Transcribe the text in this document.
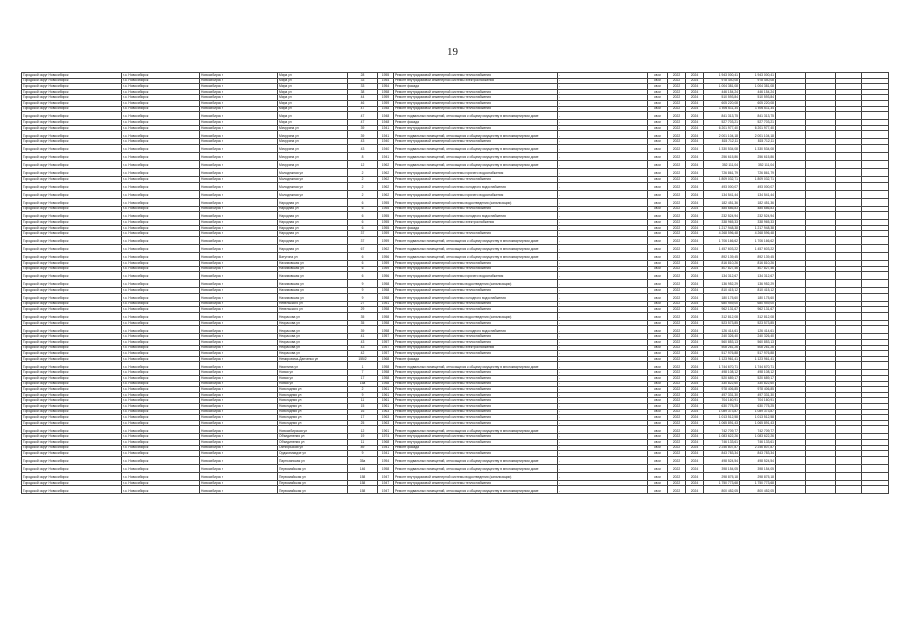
19
Городской округ Новосибирск	г.о. Новосибирск	Новосибирск г	Мира ул	28	1955	Ремонт внутридомовой инженерной системы теплоснабжения	-	кв.м	2022	2024	1 943 000,41	1 943 000,41				
Городской округ Новосибирск	г.о. Новосибирск	Новосибирск г	Мира ул	33	1954	Ремонт внутридомовой инженерной системы электроснабжения	-	кв.м	2022	2024	978 440,08	978 440,08				
Городской округ Новосибирск	г.о. Новосибирск	Новосибирск г	Мира ул	33	1954	Ремонт фасада	-	кв.м	2022	2024	1 004 381,08	1 004 381,08				
Городской округ Новосибирск	г.о. Новосибирск	Новосибирск г	Мира ул	38	1958	Ремонт внутридомовой инженерной системы теплоснабжения	-	кв.м	2022	2024	446 154,24	446 154,24				
Городской округ Новосибирск	г.о. Новосибирск	Новосибирск г	Мира ул	44	1959	Ремонт внутридомовой инженерной системы теплоснабжения	-	кв.м	2022	2024	510 593,84	510 593,84				
Городской округ Новосибирск	г.о. Новосибирск	Новосибирск г	Мира ул	46	1959	Ремонт внутридомовой инженерной системы теплоснабжения	-	кв.м	2022	2024	605 220,08	605 220,08				
Городской округ Новосибирск	г.о. Новосибирск	Новосибирск г	Мира ул	47	1948	Ремонт внутридомовой инженерной системы теплоснабжения	-	кв.м	2022	2024	1 594 611,34	1 594 611,34				
Городской округ Новосибирск	г.о. Новосибирск	Новосибирск г	Мира ул	47	1948	Ремонт подвальных помещений, относящихся к общему имуществу в многоквартирном доме	-	кв.м	2022	2024	841 313,75	841 313,75				
Городской округ Новосибирск	г.о. Новосибирск	Новосибирск г	Мира ул	47	1948	Ремонт фасада	-	кв.м	2022	2024	527 703,21	527 703,21				
Городской округ Новосибирск	г.о. Новосибирск	Новосибирск г	Мичурина ул	39	1941	Ремонт внутридомовой инженерной системы теплоснабжения	-	кв.м	2022	2024	6 201 977,40	6 201 977,40				
Городской округ Новосибирск	г.о. Новосибирск	Новосибирск г	Мичурина ул	39	1941	Ремонт подвальных помещений, относящихся к общему имуществу в многоквартирном доме	-	кв.м	2022	2024	2 001 104,18	2 001 104,18				
Городской округ Новосибирск	г.о. Новосибирск	Новосибирск г	Мичурина ул	43	1940	Ремонт внутридомовой инженерной системы теплоснабжения	-	кв.м	2022	2024	815 712,11	815 712,11				
Городской округ Новосибирск	г.о. Новосибирск	Новосибирск г	Мичурина ул	43	1940	Ремонт подвальных помещений, относящихся к общему имуществу в многоквартирном доме	-	кв.м	2022	2024	1 330 534,08	1 330 534,08				
Городской округ Новосибирск	г.о. Новосибирск	Новосибирск г	Мичурина ул	8	1941	Ремонт подвальных помещений, относящихся к общему имуществу в многоквартирном доме	-	кв.м	2022	2024	256 615,86	256 615,86				
Городской округ Новосибирск	г.о. Новосибирск	Новосибирск г	Мичурина ул	12	1962	Ремонт подвальных помещений, относящихся к общему имуществу в многоквартирном доме	-	кв.м	2022	2024	352 111,04	352 111,04				
Городской округ Новосибирск	г.о. Новосибирск	Новосибирск г	Молодежная ул	2	1962	Ремонт внутридомовой инженерной системы горячего водоснабжения	-	кв.м	2022	2024	726 861,79	726 861,79				
Городской округ Новосибирск	г.о. Новосибирск	Новосибирск г	Молодежная ул	2	1962	Ремонт внутридомовой инженерной системы теплоснабжения	-	кв.м	2022	2024	1 809 032,71	1 809 032,71				
Городской округ Новосибирск	г.о. Новосибирск	Новосибирск г	Молодежная ул	2	1962	Ремонт внутридомовой инженерной системы холодного водоснабжения	-	кв.м	2022	2024	493 000,07	493 000,07				
Городской округ Новосибирск	г.о. Новосибирск	Новосибирск г	Молодежная ул	2	1962	Ремонт внутридомовой инженерной системы горячего водоснабжения	-	кв.м	2022	2024	134 541,44	134 541,44				
Городской округ Новосибирск	г.о. Новосибирск	Новосибирск г	Народная ул	6	1955	Ремонт внутридомовой инженерной системы водоотведения (канализации)	-	кв.м	2022	2024	182 451,36	182 451,36				
Городской округ Новосибирск	г.о. Новосибирск	Новосибирск г	Народная ул	6	1955	Ремонт внутридомовой инженерной системы теплоснабжения	-	кв.м	2022	2024	485 686,83	485 686,83				
Городской округ Новосибирск	г.о. Новосибирск	Новосибирск г	Народная ул	6	1955	Ремонт внутридомовой инженерной системы холодного водоснабжения	-	кв.м	2022	2024	232 524,94	232 524,94				
Городской округ Новосибирск	г.о. Новосибирск	Новосибирск г	Народная ул	6	1955	Ремонт внутридомовой инженерной системы электроснабжения	-	кв.м	2022	2024	338 965,33	338 965,33				
Городской округ Новосибирск	г.о. Новосибирск	Новосибирск г	Народная ул	6	1955	Ремонт фасада	-	кв.м	2022	2024	1 217 948,38	1 217 948,38				
Городской округ Новосибирск	г.о. Новосибирск	Новосибирск г	Народная ул	37	1959	Ремонт внутридомовой инженерной системы теплоснабжения	-	кв.м	2022	2024	4 268 596,48	4 268 596,48				
Городской округ Новосибирск	г.о. Новосибирск	Новосибирск г	Народная ул	37	1959	Ремонт подвальных помещений, относящихся к общему имуществу в многоквартирном доме	-	кв.м	2022	2024	1 706 166,62	1 706 166,62				
Городской округ Новосибирск	г.о. Новосибирск	Новосибирск г	Народная ул	67	1962	Ремонт подвальных помещений, относящихся к общему имуществу в многоквартирном доме	-	кв.м	2022	2024	1 457 603,22	1 457 603,22				
Городской округ Новосибирск	г.о. Новосибирск	Новосибирск г	Ватутина ул	6	1956	Ремонт подвальных помещений, относящихся к общему имуществу в многоквартирном доме	-	кв.м	2022	2024	892 139,45	892 139,45				
Городской округ Новосибирск	г.о. Новосибирск	Новосибирск г	Нахимовская ул	6	1959	Ремонт внутридомовой инженерной системы теплоснабжения	-	кв.м	2022	2024	816 810,26	816 810,26				
Городской округ Новосибирск	г.о. Новосибирск	Новосибирск г	Нахимовская ул	6	1959	Ремонт внутридомовой инженерной системы теплоснабжения	-	кв.м	2022	2024	407 827,46	407 827,46				
Городской округ Новосибирск	г.о. Новосибирск	Новосибирск г	Нахимовская ул	6	1956	Ремонт внутридомовой инженерной системы горячего водоснабжения	-	кв.м	2022	2024	134 312,67	134 312,67				
Городской округ Новосибирск	г.о. Новосибирск	Новосибирск г	Нахимовская ул	9	1958	Ремонт внутридомовой инженерной системы водоотведения (канализации)	-	кв.м	2022	2024	136 952,29	136 952,29				
Городской округ Новосибирск	г.о. Новосибирск	Новосибирск г	Нахимовская ул	9	1958	Ремонт внутридомовой инженерной системы теплоснабжения	-	кв.м	2022	2024	810 415,12	810 415,12				
Городской округ Новосибирск	г.о. Новосибирск	Новосибирск г	Нахимовская ул	9	1958	Ремонт внутридомовой инженерной системы холодного водоснабжения	-	кв.м	2022	2024	180 175,60	180 175,60				
Городской округ Новосибирск	г.о. Новосибирск	Новосибирск г	Невельского ул	27	1951	Ремонт внутридомовой инженерной системы теплоснабжения	-	кв.м	2022	2024	680 949,00	680 949,00				
Городской округ Новосибирск	г.о. Новосибирск	Новосибирск г	Невельского ул	29	1958	Ремонт внутридомовой инженерной системы теплоснабжения	-	кв.м	2022	2024	962 131,67	962 131,67				
Городской округ Новосибирск	г.о. Новосибирск	Новосибирск г	Некрасова ул	35	1958	Ремонт внутридомовой инженерной системы водоотведения (канализации)	-	кв.м	2022	2024	312 812,08	312 812,08				
Городской округ Новосибирск	г.о. Новосибирск	Новосибирск г	Некрасова ул	35	1958	Ремонт внутридомовой инженерной системы теплоснабжения	-	кв.м	2022	2024	523 573,85	523 573,85				
Городской округ Новосибирск	г.о. Новосибирск	Новосибирск г	Некрасова ул	39	1958	Ремонт внутридомовой инженерной системы холодного водоснабжения	-	кв.м	2022	2024	126 414,61	126 414,61				
Городской округ Новосибирск	г.о. Новосибирск	Новосибирск г	Некрасова ул	41	1957	Ремонт внутридомовой инженерной системы теплоснабжения	-	кв.м	2022	2024	240 326,40	240 326,40				
Городской округ Новосибирск	г.о. Новосибирск	Новосибирск г	Некрасова ул	43	1957	Ремонт внутридомовой инженерной системы теплоснабжения	-	кв.м	2022	2024	560 853,13	560 853,13				
Городской округ Новосибирск	г.о. Новосибирск	Новосибирск г	Некрасова ул	43	1957	Ремонт внутридомовой инженерной системы электроснабжения	-	кв.м	2022	2024	508 261,26	508 261,26				
Городской округ Новосибирск	г.о. Новосибирск	Новосибирск г	Некрасова ул	42	1957	Ремонт внутридомовой инженерной системы теплоснабжения	-	кв.м	2022	2024	517 976,88	517 976,88				
Городской округ Новосибирск	г.о. Новосибирск	Новосибирск г	Немировича-Данченко ул	155/2	1968	Ремонт фасада	-	кв.м	2022	2024	1 123 961,41	1 123 961,41				
Городской округ Новосибирск	г.о. Новосибирск	Новосибирск г	Никитина ул	1	1958	Ремонт подвальных помещений, относящихся к общему имуществу в многоквартирном доме	-	кв.м	2022	2024	1 744 670,71	1 744 670,71				
Городской округ Новосибирск	г.о. Новосибирск	Новосибирск г	Новая ул	7	1958	Ремонт внутридомовой инженерной системы теплоснабжения	-	кв.м	2022	2024	498 108,12	498 108,12				
Городской округ Новосибирск	г.о. Новосибирск	Новосибирск г	Новая ул	17	1958	Ремонт внутридомовой инженерной системы теплоснабжения	-	кв.м	2022	2024	520 689,17	520 689,17				
Городской округ Новосибирск	г.о. Новосибирск	Новосибирск г	Новая ул	15а	1958	Ремонт внутридомовой инженерной системы теплоснабжения	-	кв.м	2022	2024	330 822,60	330 822,60				
Городской округ Новосибирск	г.о. Новосибирск	Новосибирск г	Новогодняя ул	2	1961	Ремонт внутридомовой инженерной системы теплоснабжения	-	кв.м	2022	2024	978 406,85	978 406,85				
Городской округ Новосибирск	г.о. Новосибирск	Новосибирск г	Новогодняя ул	9	1961	Ремонт внутридомовой инженерной системы теплоснабжения	-	кв.м	2022	2024	497 331,30	497 331,30				
Городской округ Новосибирск	г.о. Новосибирск	Новосибирск г	Новогодняя ул	11	1961	Ремонт внутридомовой инженерной системы теплоснабжения	-	кв.м	2022	2024	704 160,91	704 160,91				
Городской округ Новосибирск	г.о. Новосибирск	Новосибирск г	Новогодняя ул	15	1961	Ремонт внутридомовой инженерной системы теплоснабжения	-	кв.м	2022	2024	630 775,25	630 775,25				
Городской округ Новосибирск	г.о. Новосибирск	Новосибирск г	Новогодняя ул	16	1963	Ремонт внутридомовой инженерной системы теплоснабжения	-	кв.м	2022	2024	1 089 373,87	1 089 373,87				
Городской округ Новосибирск	г.о. Новосибирск	Новосибирск г	Новогодняя ул	17	1963	Ремонт внутридомовой инженерной системы теплоснабжения	-	кв.м	2022	2024	1 013 512,58	1 013 512,58				
Городской округ Новосибирск	г.о. Новосибирск	Новосибирск г	Новогодняя ул	25	1963	Ремонт внутридомовой инженерной системы теплоснабжения	-	кв.м	2022	2024	1 065 891,43	1 065 891,43				
Городской округ Новосибирск	г.о. Новосибирск	Новосибирск г	Новосибирская ул	12	1961	Ремонт подвальных помещений, относящихся к общему имуществу в многоквартирном доме	-	кв.м	2022	2024	742 709,77	742 709,77				
Городской округ Новосибирск	г.о. Новосибирск	Новосибирск г	Объединения ул	19	1974	Ремонт внутридомовой инженерной системы теплоснабжения	-	кв.м	2022	2024	1 083 622,26	1 083 622,26				
Городской округ Новосибирск	г.о. Новосибирск	Новосибирск г	Объединения ул	11	1968	Ремонт внутридомовой инженерной системы теплоснабжения	-	кв.м	2022	2024	746 133,61	746 133,61				
Городской округ Новосибирск	г.о. Новосибирск	Новосибирск г	Октябрьская ул	89	1941	Ремонт фасада	-	кв.м	2022	2024	2 246 807,87	2 246 807,87				
Городской округ Новосибирск	г.о. Новосибирск	Новосибирск г	Орджоникидзе ул	9	1941	Ремонт внутридомовой инженерной системы теплоснабжения	-	кв.м	2022	2024	843 783,34	843 783,34				
Городской округ Новосибирск	г.о. Новосибирск	Новосибирск г	Партизанская ул	35а	1954	Ремонт подвальных помещений, относящихся к общему имуществу в многоквартирном доме	-	кв.м	2022	2024	498 524,54	498 524,54				
Городской округ Новосибирск	г.о. Новосибирск	Новосибирск г	Первомайская ул	146	1958	Ремонт подвальных помещений, относящихся к общему имуществу в многоквартирном доме	-	кв.м	2022	2024	398 154,05	398 154,05				
Городской округ Новосибирск	г.о. Новосибирск	Новосибирск г	Первомайская ул	158	1947	Ремонт внутридомовой инженерной системы водоотведения (канализации)	-	кв.м	2022	2024	298 875,18	298 875,18				
Городской округ Новосибирск	г.о. Новосибирск	Новосибирск г	Первомайская ул	158	1947	Ремонт внутридомовой инженерной системы теплоснабжения	-	кв.м	2022	2024	1 750 773,68	1 750 773,68				
Городской округ Новосибирск	г.о. Новосибирск	Новосибирск г	Первомайская ул	158	1947	Ремонт подвальных помещений, относящихся к общему имуществу в многоквартирном доме	-	кв.м	2022	2024	800 452,05	800 452,05				
